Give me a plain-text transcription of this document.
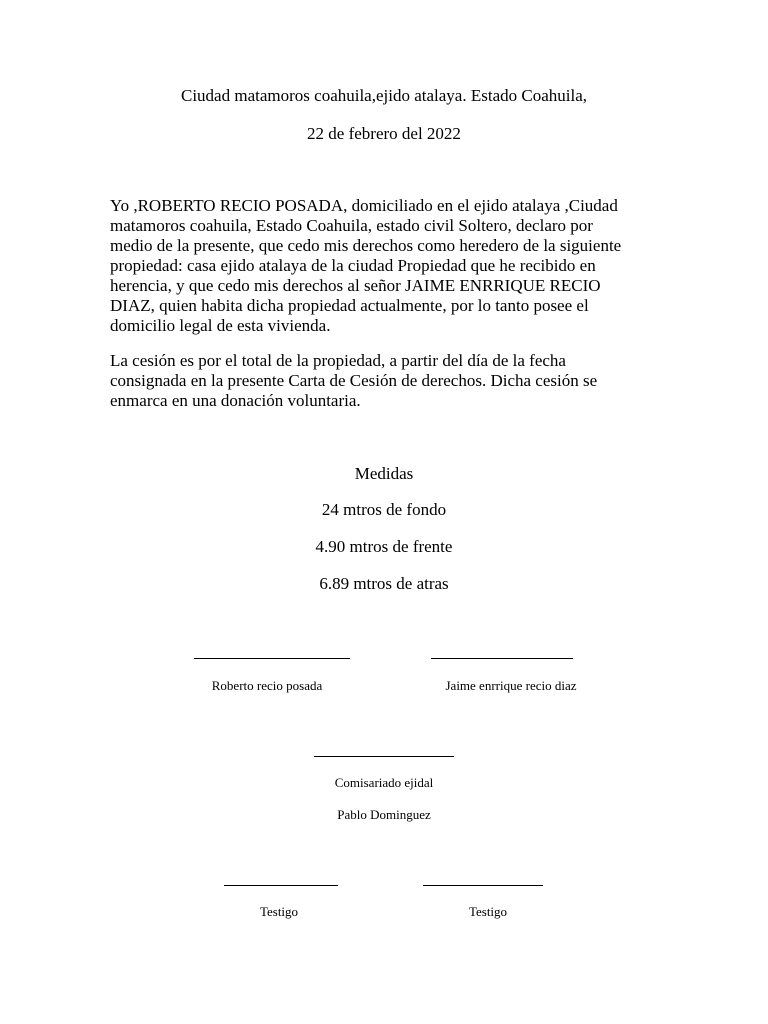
Ciudad matamoros coahuila,ejido atalaya. Estado Coahuila,
22 de febrero del 2022
Yo ,ROBERTO RECIO POSADA, domiciliado en el ejido atalaya ,Ciudad
matamoros coahuila, Estado Coahuila, estado civil Soltero, declaro por
medio de la presente, que cedo mis derechos como heredero de la siguiente
propiedad: casa ejido atalaya de la ciudad Propiedad que he recibido en
herencia, y que cedo mis derechos al señor JAIME ENRRIQUE RECIO
DIAZ, quien habita dicha propiedad actualmente, por lo tanto posee el
domicilio legal de esta vivienda.
La cesión es por el total de la propiedad, a partir del día de la fecha
consignada en la presente Carta de Cesión de derechos. Dicha cesión se
enmarca en una donación voluntaria.
Medidas
24 mtros de fondo
4.90 mtros de frente
6.89 mtros de atras
Roberto recio posada	Jaime enrrique recio diaz
Comisariado ejidal
Pablo Dominguez
Testigo	Testigo
